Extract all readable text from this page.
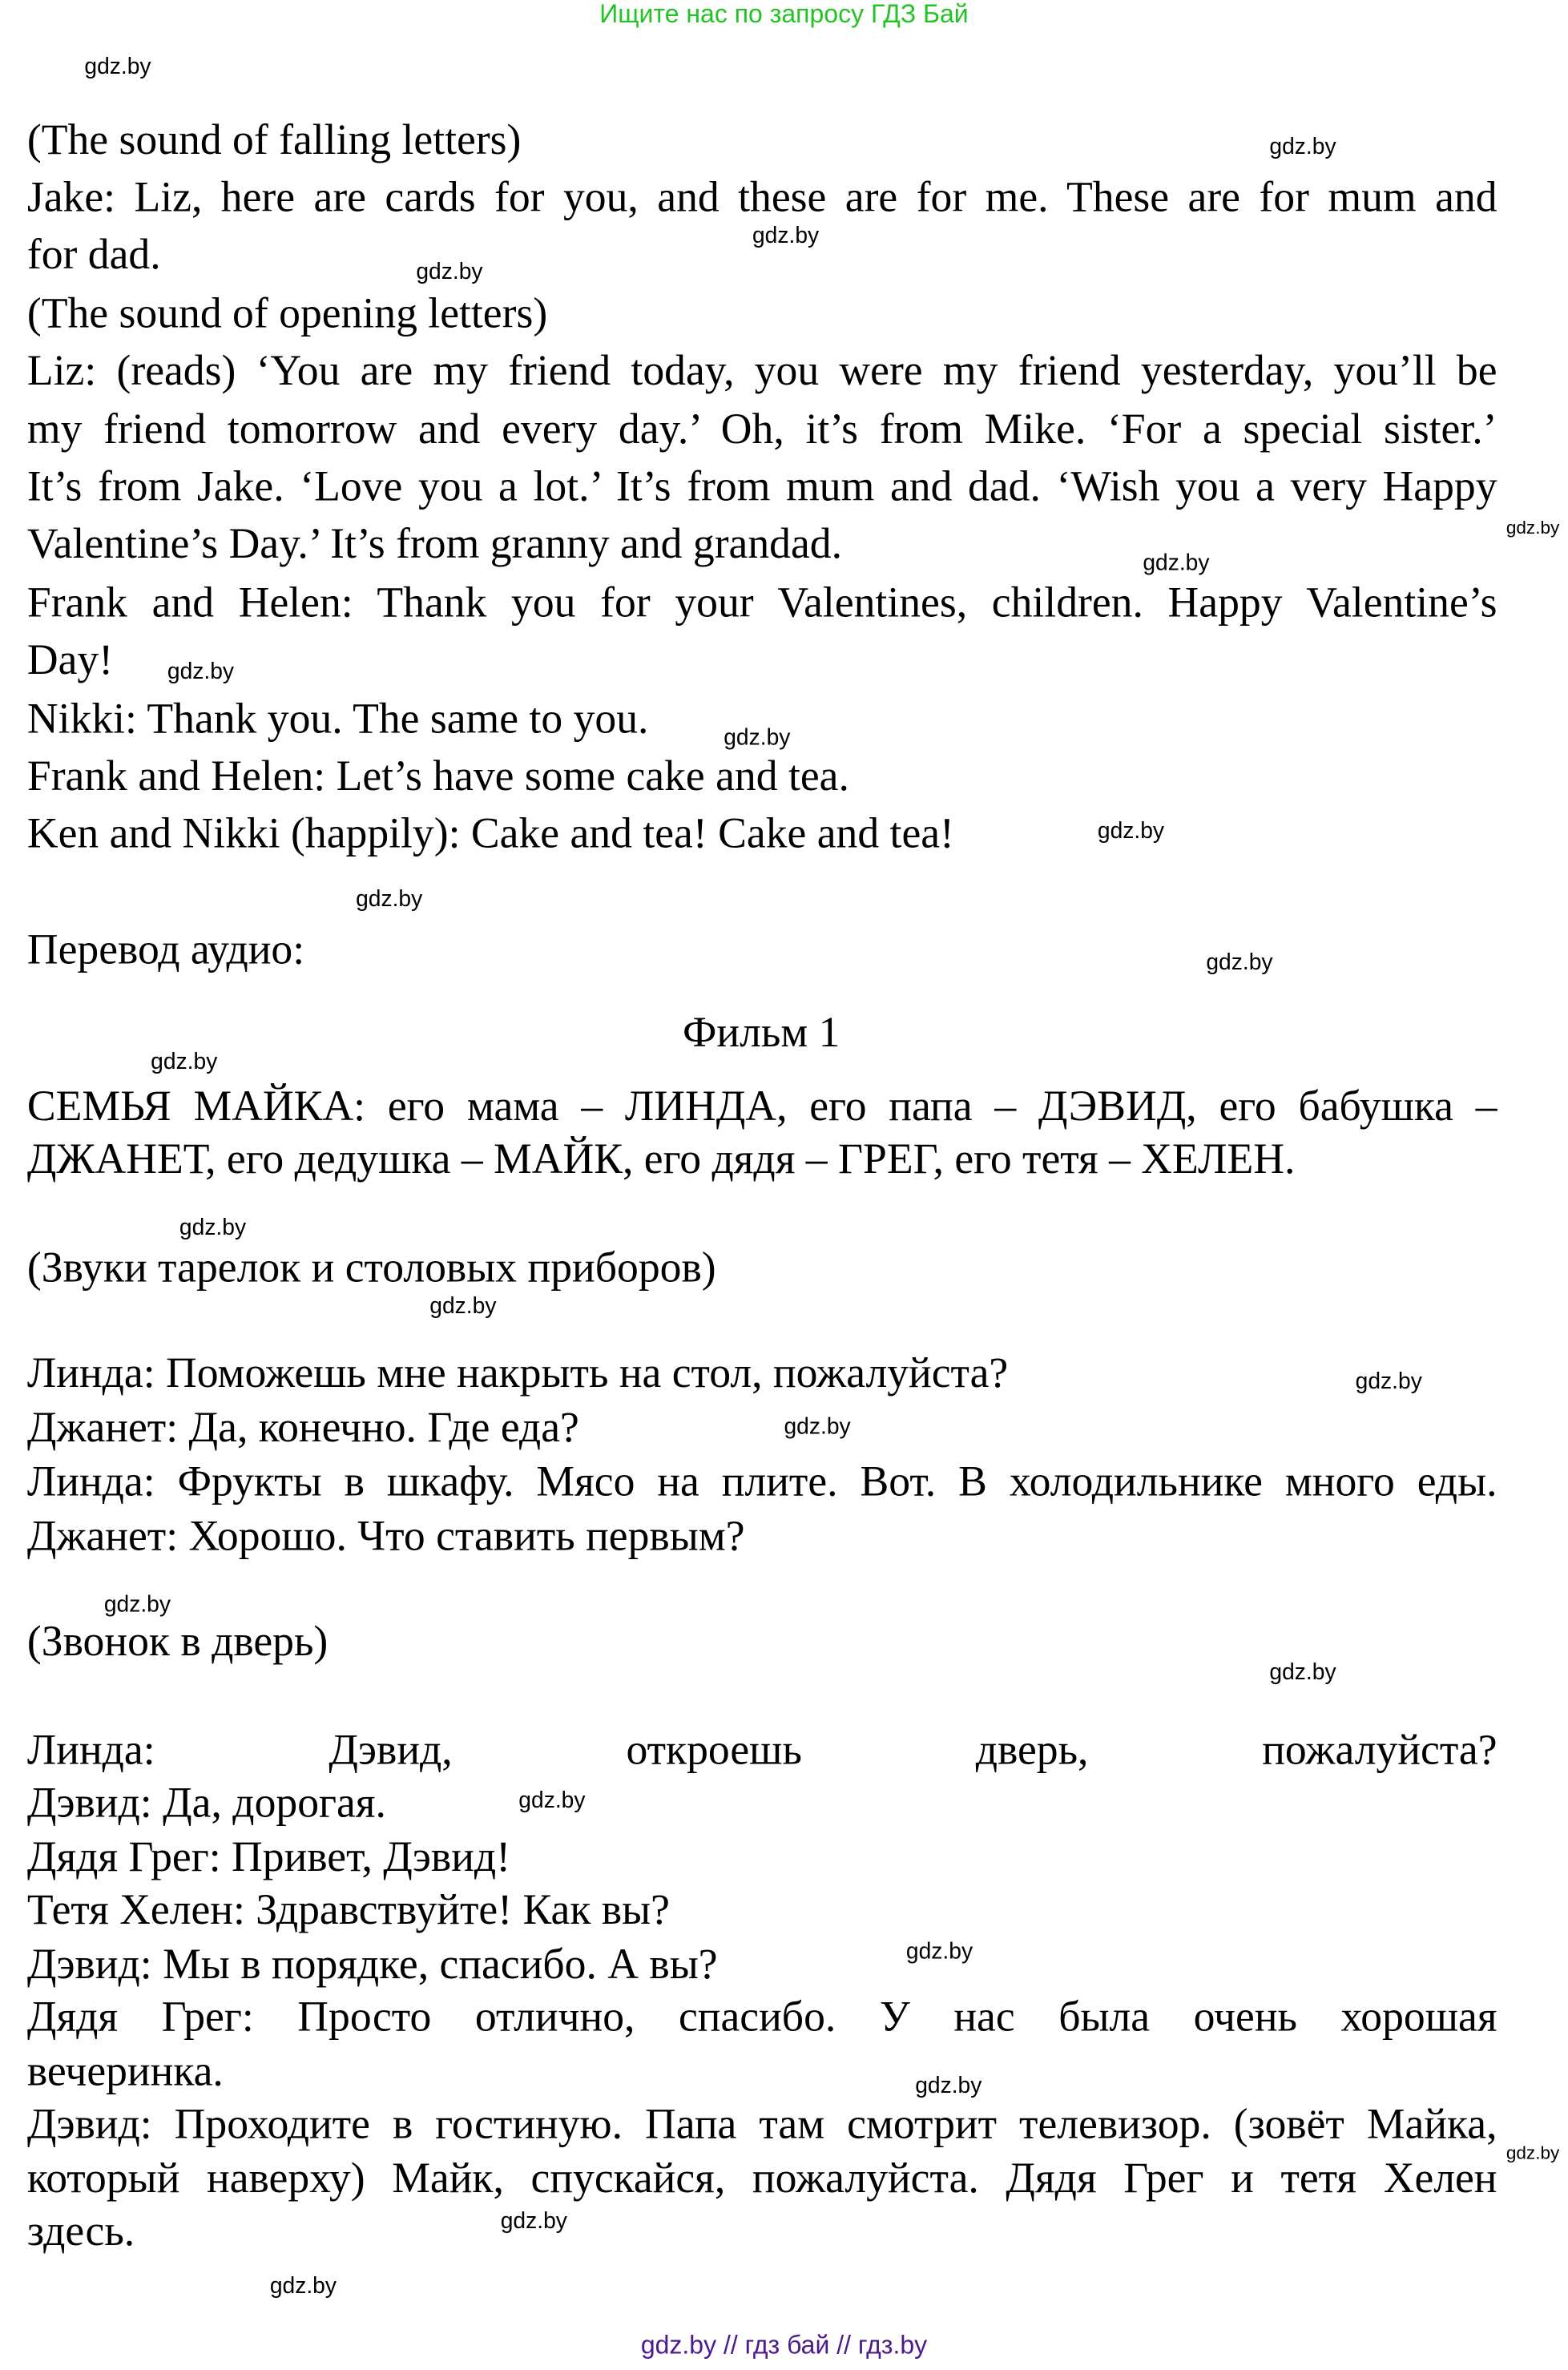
Ищите нас по запросу ГДЗ Бай
(The sound of falling letters)
Jake: Liz, here are cards for you, and these are for me. These are for mum and
for dad.
(The sound of opening letters)
Liz: (reads) ‘You are my friend today, you were my friend yesterday, you’ll be
my friend tomorrow and every day.’ Oh, it’s from Mike. ‘For a special sister.’
It’s from Jake. ‘Love you a lot.’ It’s from mum and dad. ‘Wish you a very Happy
Valentine’s Day.’ It’s from granny and grandad.
Frank and Helen: Thank you for your Valentines, children. Happy Valentine’s
Day!
Nikki: Thank you. The same to you.
Frank and Helen: Let’s have some cake and tea.
Ken and Nikki (happily): Cake and tea! Cake and tea!
Перевод аудио:
Фильм 1
СЕМЬЯ МАЙКА: его мама – ЛИНДА, его папа – ДЭВИД, его бабушка –
ДЖАНЕТ, его дедушка – МАЙК, его дядя – ГРЕГ, его тетя – ХЕЛЕН.
(Звуки тарелок и столовых приборов)
Линда: Поможешь мне накрыть на стол, пожалуйста?
Джанет: Да, конечно. Где еда?
Линда: Фрукты в шкафу. Мясо на плите. Вот. В холодильнике много еды.
Джанет: Хорошо. Что ставить первым?
(Звонок в дверь)
Линда: Дэвид, откроешь дверь, пожалуйста?
Дэвид: Да, дорогая.
Дядя Грег: Привет, Дэвид!
Тетя Хелен: Здравствуйте! Как вы?
Дэвид: Мы в порядке, спасибо. А вы?
Дядя Грег: Просто отлично, спасибо. У нас была очень хорошая
вечеринка.
Дэвид: Проходите в гостиную. Папа там смотрит телевизор. (зовёт Майка,
который наверху) Майк, спускайся, пожалуйста. Дядя Грег и тетя Хелен
здесь.
gdz.by
gdz.by
gdz.by
gdz.by
gdz.by
gdz.by
gdz.by
gdz.by
gdz.by
gdz.by
gdz.by
gdz.by
gdz.by
gdz.by
gdz.by
gdz.by
gdz.by
gdz.by
gdz.by
gdz.by
gdz.by
gdz.by
gdz.by
gdz.by
gdz.by // гдз бай // гдз.by
